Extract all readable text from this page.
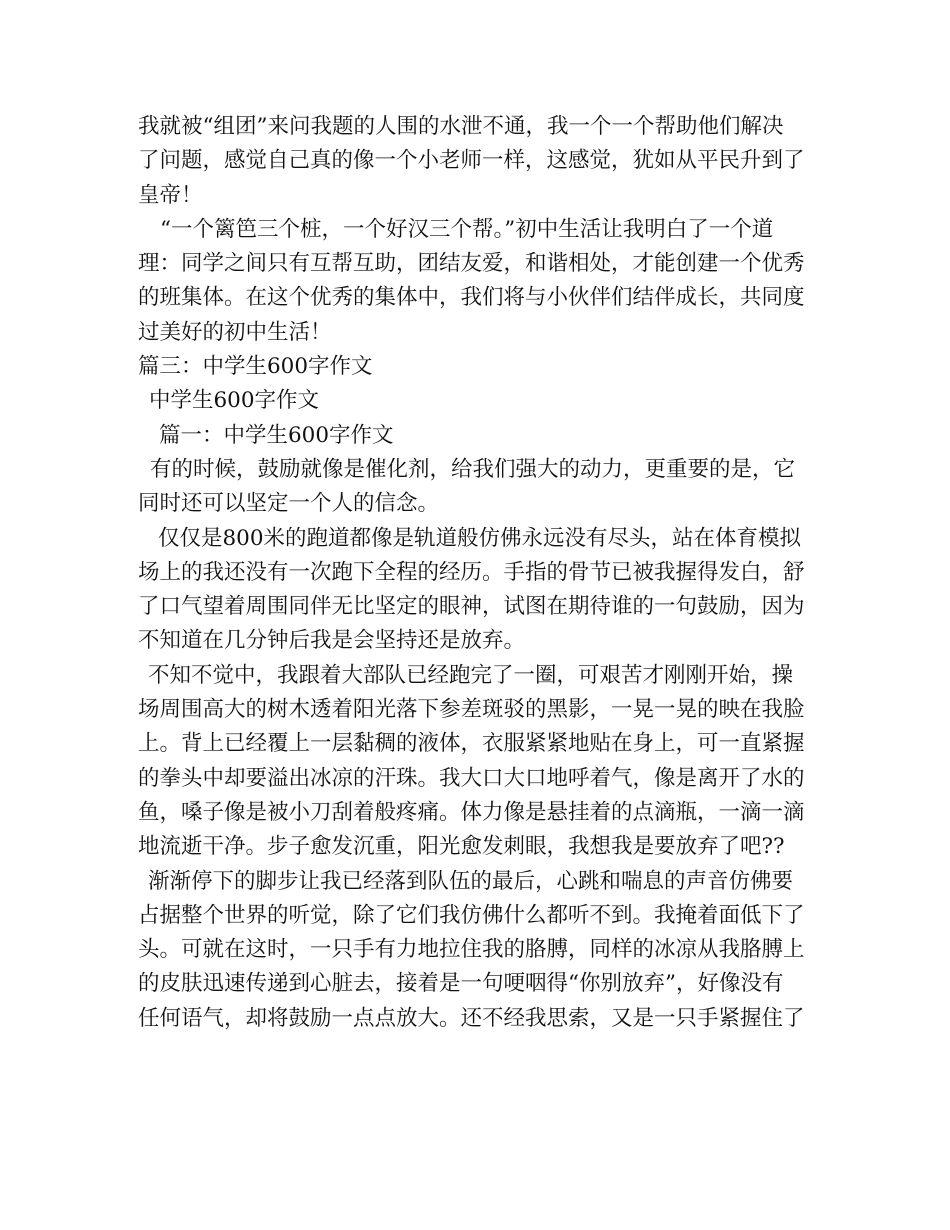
我就被“组团”来问我题的人围的水泄不通，我一个一个帮助他们解决
了问题，感觉自己真的像一个小老师一样，这感觉，犹如从平民升到了
皇帝！

“一个篱笆三个桩，一个好汉三个帮。”初中生活让我明白了一个道
理：同学之间只有互帮互助，团结友爱，和谐相处，才能创建一个优秀
的班集体。在这个优秀的集体中，我们将与小伙伴们结伴成长，共同度
过美好的初中生活！

篇三：中学生600字作文

中学生600字作文

篇一：中学生600字作文

有的时候，鼓励就像是催化剂，给我们强大的动力，更重要的是，它
同时还可以坚定一个人的信念。

仅仅是800米的跑道都像是轨道般仿佛永远没有尽头，站在体育模拟
场上的我还没有一次跑下全程的经历。手指的骨节已被我握得发白，舒
了口气望着周围同伴无比坚定的眼神，试图在期待谁的一句鼓励，因为
不知道在几分钟后我是会坚持还是放弃。

不知不觉中，我跟着大部队已经跑完了一圈，可艰苦才刚刚开始，操
场周围高大的树木透着阳光落下参差斑驳的黑影，一晃一晃的映在我脸
上。背上已经覆上一层黏稠的液体，衣服紧紧地贴在身上，可一直紧握
的拳头中却要溢出冰凉的汗珠。我大口大口地呼着气，像是离开了水的
鱼，嗓子像是被小刀刮着般疼痛。体力像是悬挂着的点滴瓶，一滴一滴
地流逝干净。步子愈发沉重，阳光愈发刺眼，我想我是要放弃了吧??

渐渐停下的脚步让我已经落到队伍的最后，心跳和喘息的声音仿佛要
占据整个世界的听觉，除了它们我仿佛什么都听不到。我掩着面低下了
头。可就在这时，一只手有力地拉住我的胳膊，同样的冰凉从我胳膊上
的皮肤迅速传递到心脏去，接着是一句哽咽得“你别放弃”，好像没有
任何语气，却将鼓励一点点放大。还不经我思索，又是一只手紧握住了
